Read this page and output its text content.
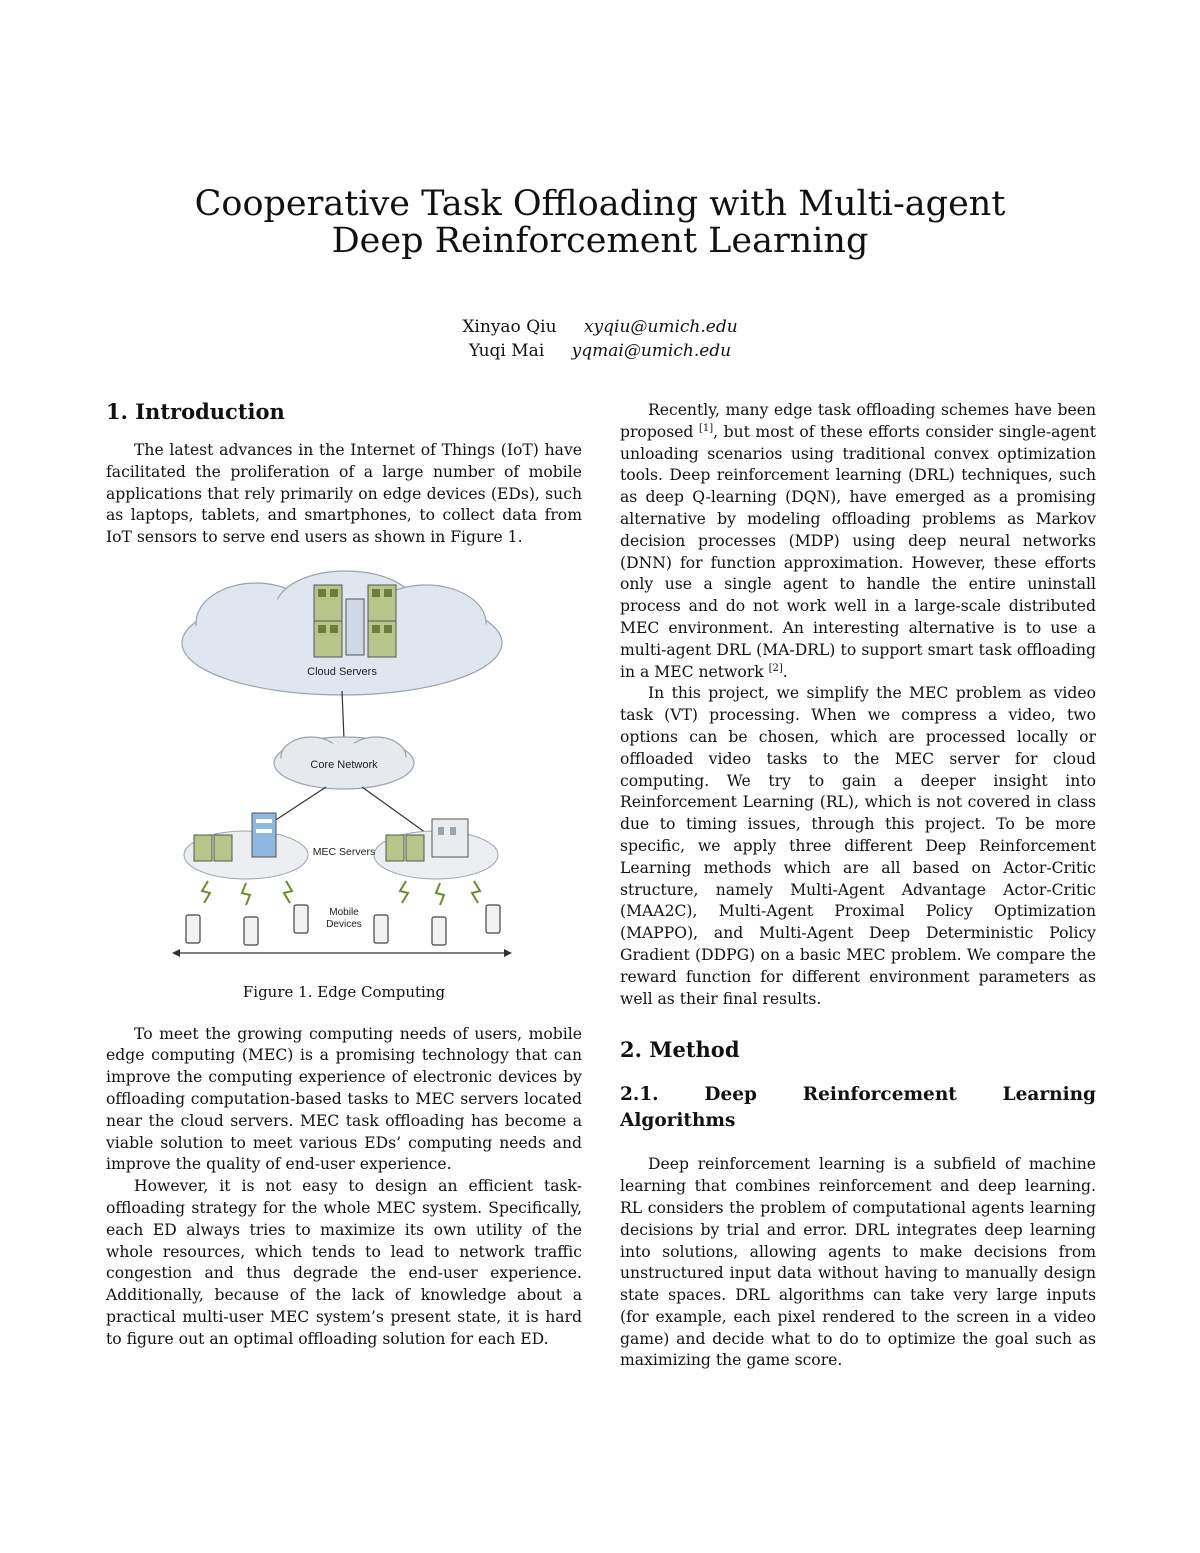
Cooperative Task Offloading with Multi-agent
Deep Reinforcement Learning
Xinyao Qiu xyqiu@umich.edu
Yuqi Mai yqmai@umich.edu
1. Introduction

The latest advances in the Internet of Things (IoT) have facilitated the proliferation of a large number of mobile applications that rely primarily on edge devices (EDs), such as laptops, tablets, and smartphones, to collect data from IoT sensors to serve end users as shown in Figure 1.

Cloud Servers
Core Network
MEC Servers
Mobile
Devices
Figure 1. Edge Computing

To meet the growing computing needs of users, mobile edge computing (MEC) is a promising technology that can improve the computing experience of electronic devices by offloading computation-based tasks to MEC servers located near the cloud servers. MEC task offloading has become a viable solution to meet various EDs’ computing needs and improve the quality of end-user experience.

However, it is not easy to design an efficient task-offloading strategy for the whole MEC system. Specifically, each ED always tries to maximize its own utility of the whole resources, which tends to lead to network traffic congestion and thus degrade the end-user experience. Additionally, because of the lack of knowledge about a practical multi-user MEC system’s present state, it is hard to figure out an optimal offloading solution for each ED.

Recently, many edge task offloading schemes have been proposed [1], but most of these efforts consider single-agent unloading scenarios using traditional convex optimization tools. Deep reinforcement learning (DRL) techniques, such as deep Q-learning (DQN), have emerged as a promising alternative by modeling offloading problems as Markov decision processes (MDP) using deep neural networks (DNN) for function approximation. However, these efforts only use a single agent to handle the entire uninstall process and do not work well in a large-scale distributed MEC environment. An interesting alternative is to use a multi-agent DRL (MA-DRL) to support smart task offloading in a MEC network [2].

In this project, we simplify the MEC problem as video task (VT) processing. When we compress a video, two options can be chosen, which are processed locally or offloaded video tasks to the MEC server for cloud computing. We try to gain a deeper insight into Reinforcement Learning (RL), which is not covered in class due to timing issues, through this project. To be more specific, we apply three different Deep Reinforcement Learning methods which are all based on Actor-Critic structure, namely Multi-Agent Advantage Actor-Critic (MAA2C), Multi-Agent Proximal Policy Optimization (MAPPO), and Multi-Agent Deep Deterministic Policy Gradient (DDPG) on a basic MEC problem. We compare the reward function for different environment parameters as well as their final results.

2. Method
2.1. Deep Reinforcement Learning Algorithms

Deep reinforcement learning is a subfield of machine learning that combines reinforcement and deep learning. RL considers the problem of computational agents learning decisions by trial and error. DRL integrates deep learning into solutions, allowing agents to make decisions from unstructured input data without having to manually design state spaces. DRL algorithms can take very large inputs (for example, each pixel rendered to the screen in a video game) and decide what to do to optimize the goal such as maximizing the game score.
